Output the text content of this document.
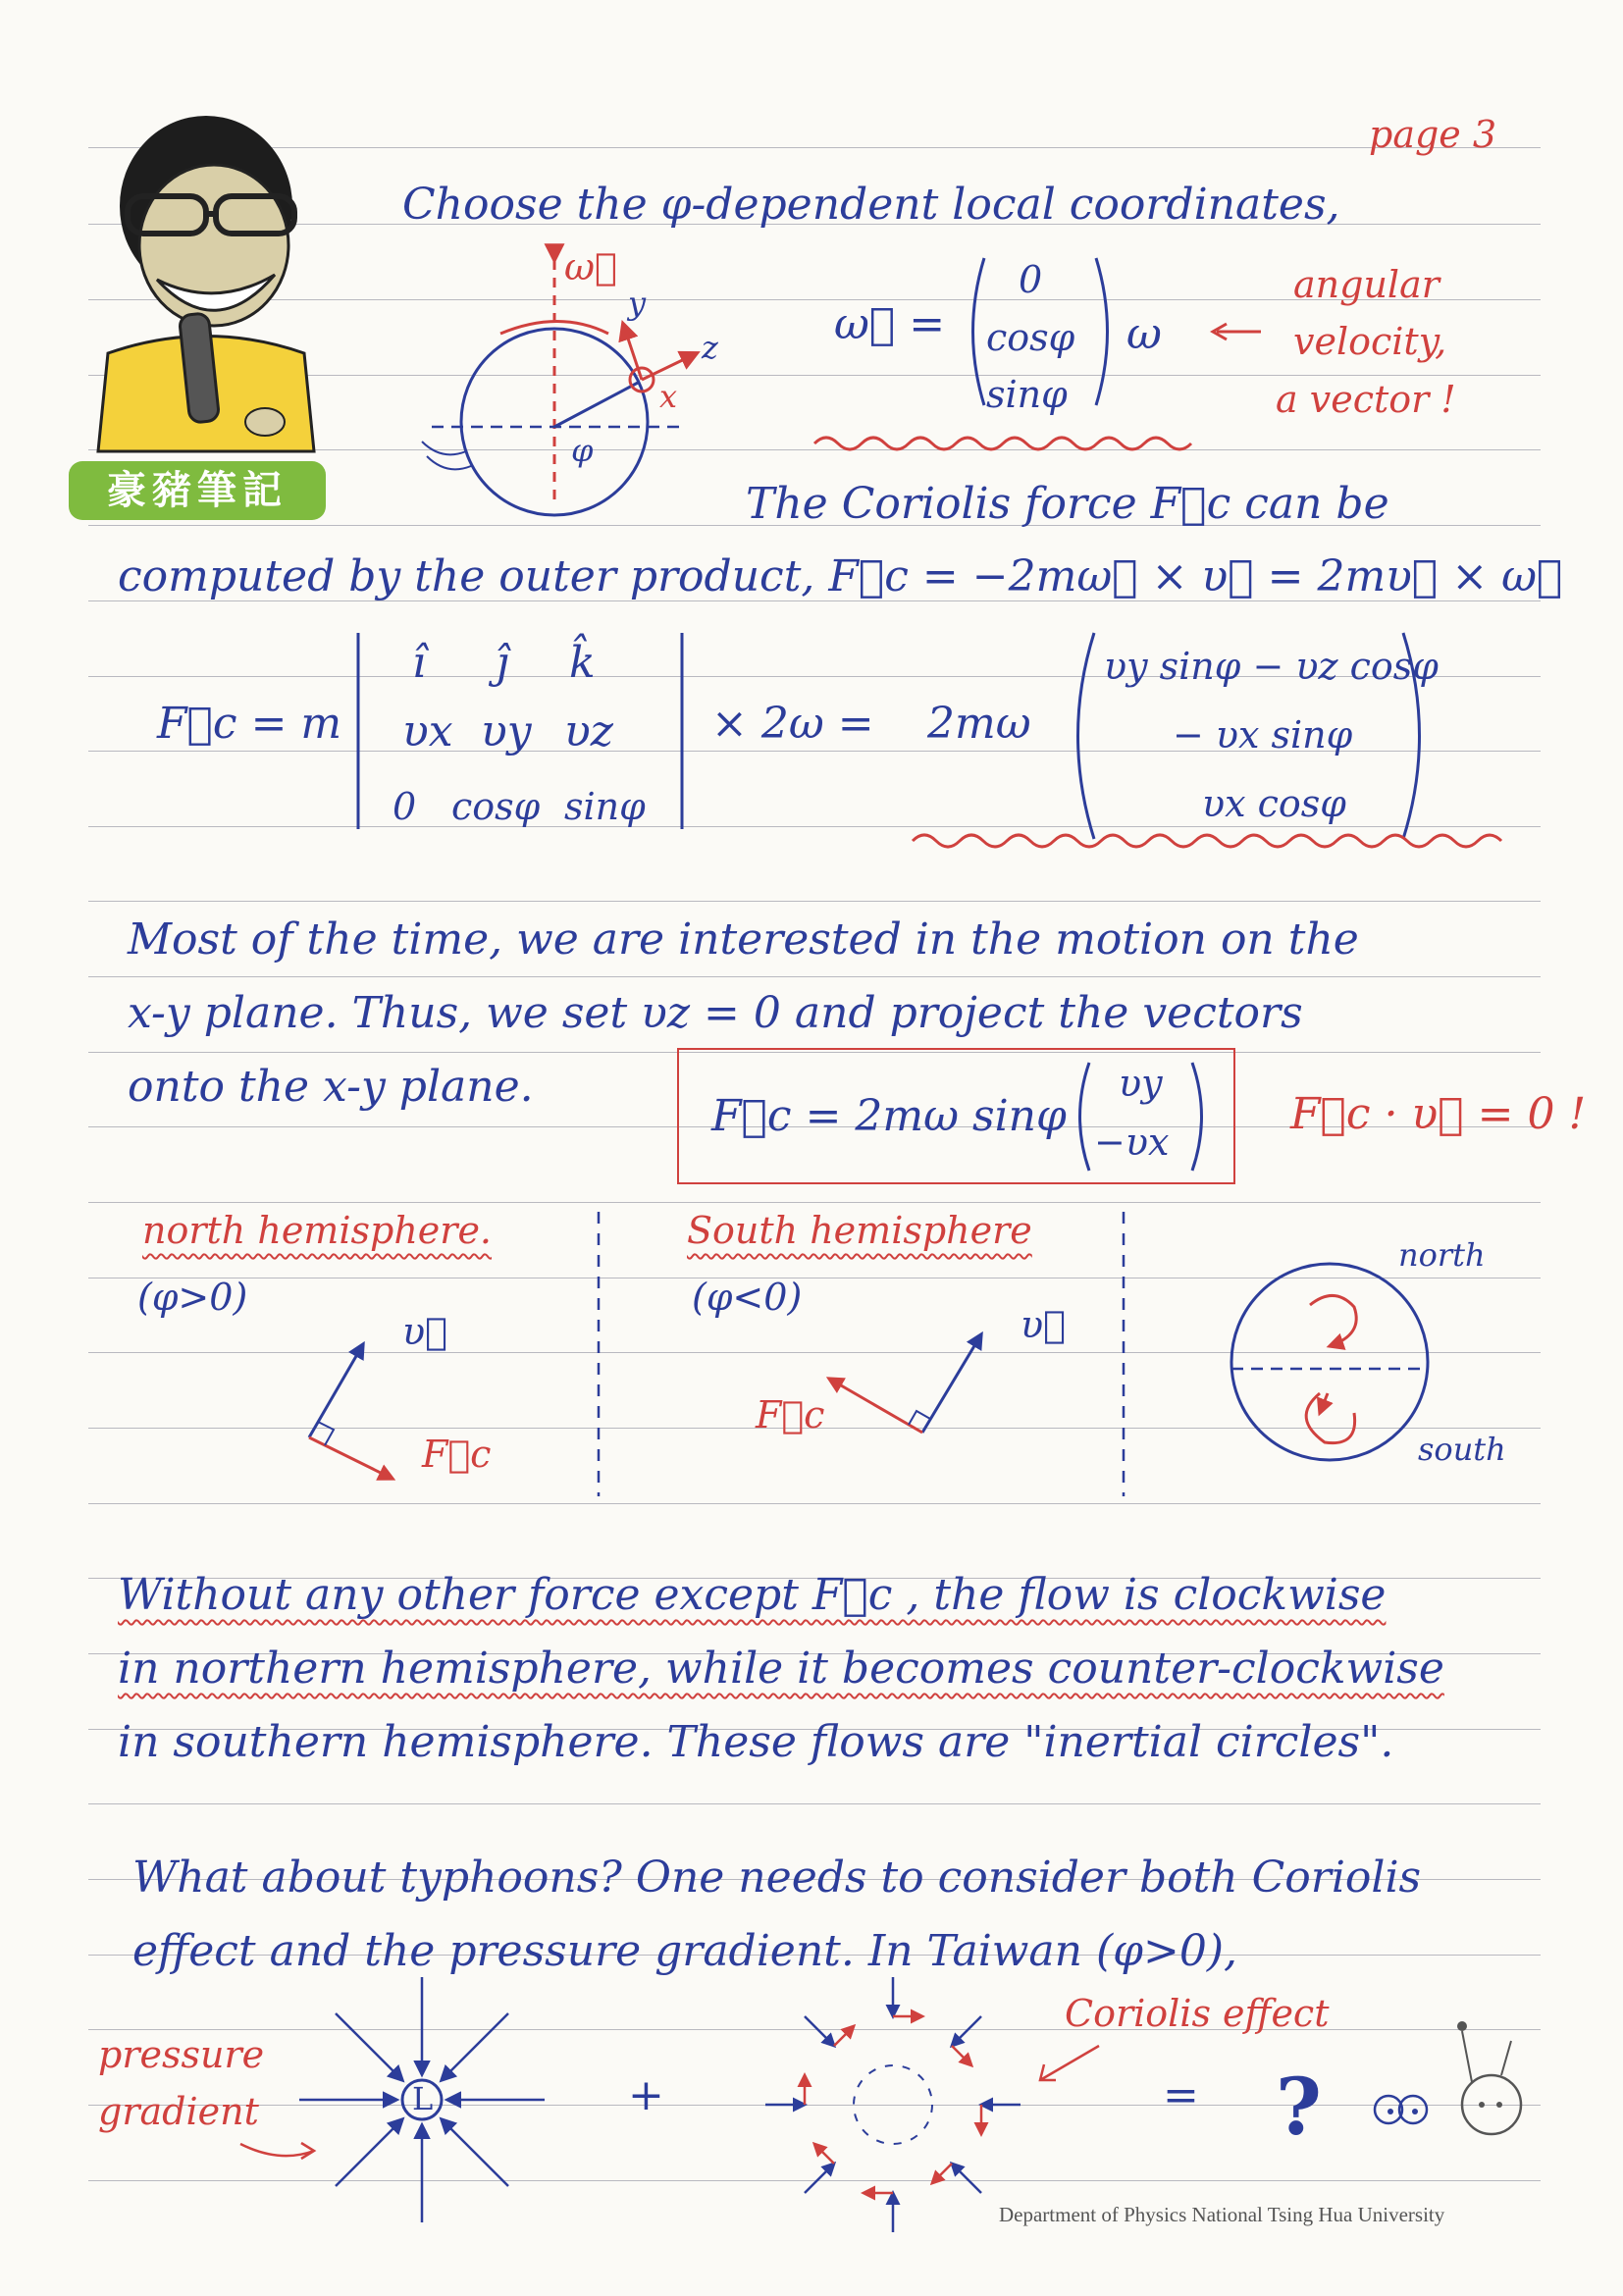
page 3
豪豬筆記
Choose the φ-dependent local coordinates,
ω⃗
y
z
x
φ
ω⃗ =
0
cosφ
sinφ
ω
angular
velocity,
a vector !
The Coriolis force F⃗c can be
computed by the outer product, F⃗c = −2mω⃗ × υ⃗ = 2mυ⃗ × ω⃗
F⃗c = m
î ĵ k̂
υx υy υz
0 cosφ sinφ
× 2ω = 2mω
υy sinφ − υz cosφ
− υx sinφ
υx cosφ
Most of the time, we are interested in the motion on the
x-y plane. Thus, we set υz = 0 and project the vectors
onto the x-y plane.
F⃗c = 2mω sinφ
υy
−υx
F⃗c · υ⃗ = 0 !
north hemisphere.
(φ>0)
South hemisphere
(φ<0)
υ⃗
F⃗c
υ⃗
F⃗c
north
south
Without any other force except F⃗c , the flow is clockwise
in northern hemisphere, while it becomes counter-clockwise
in southern hemisphere. These flows are "inertial circles".
What about typhoons? One needs to consider both Coriolis
effect and the pressure gradient. In Taiwan (φ>0),
pressure
gradient	L	+
Coriolis effect
= ?
Department of Physics National Tsing Hua University
